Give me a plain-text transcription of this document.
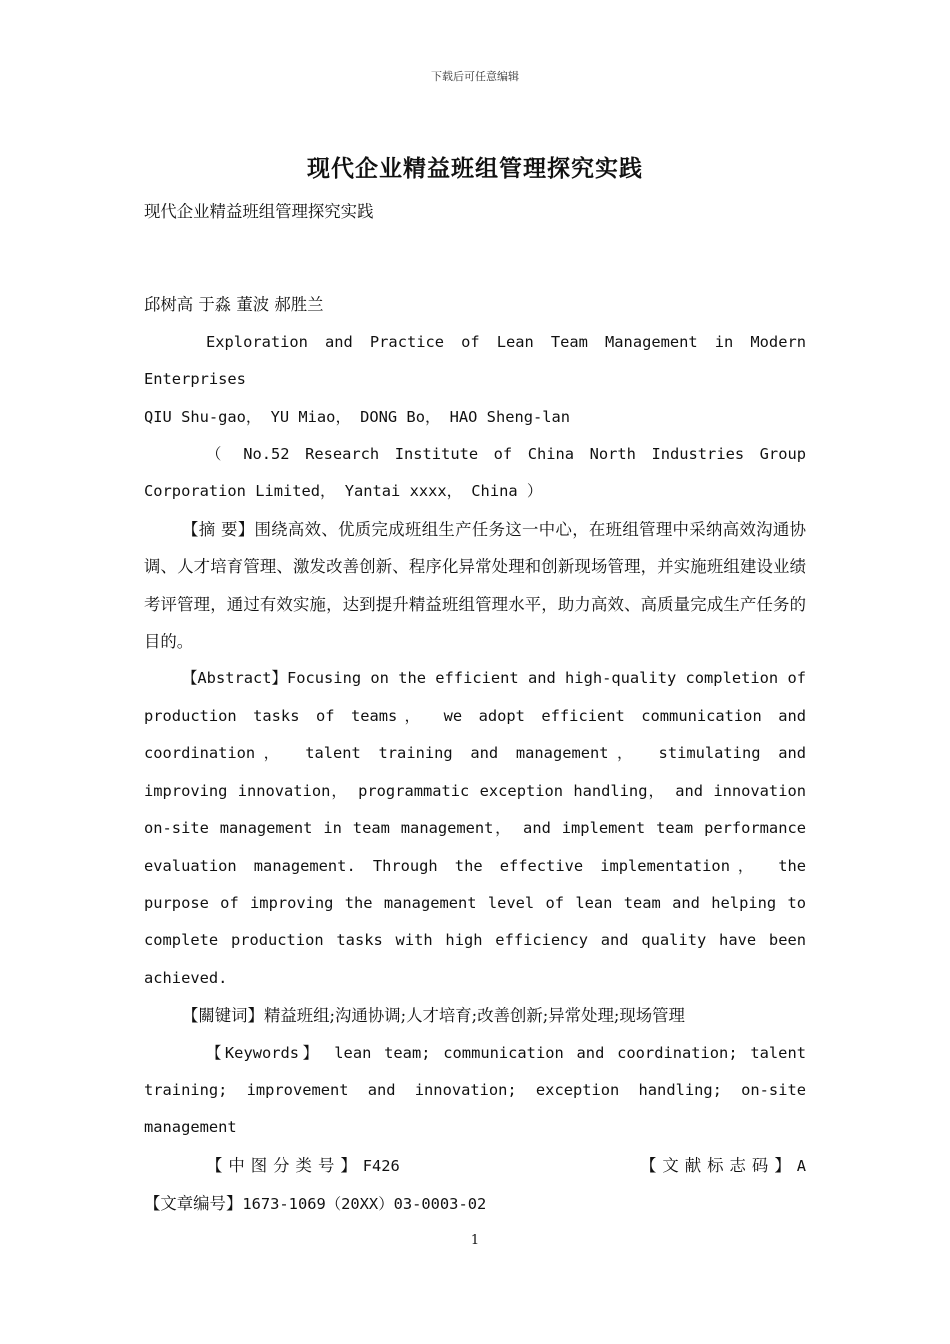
下载后可任意编辑
现代企业精益班组管理探究实践

现代企业精益班组管理探究实践

邱树高 于淼 董波 郝胜兰

Exploration and Practice of Lean Team Management in Modern Enterprises

QIU Shu-gao， YU Miao， DONG Bo， HAO Sheng-lan

（ No.52 Research Institute of China North Industries Group Corporation Limited， Yantai xxxx， China ）

【摘 要】围绕高效、优质完成班组生产任务这一中心，在班组管理中采纳高效沟通协调、人才培育管理、激发改善创新、程序化异常处理和创新现场管理，并实施班组建设业绩考评管理，通过有效实施，达到提升精益班组管理水平，助力高效、高质量完成生产任务的目的。

【Abstract】Focusing on the efficient and high-quality completion of production tasks of teams， we adopt efficient communication and coordination， talent training and management， stimulating and improving innovation， programmatic exception handling， and innovation on-site management in team management， and implement team performance evaluation management. Through the effective implementation， the purpose of improving the management level of lean team and helping to complete production tasks with high efficiency and quality have been achieved.

【關键词】精益班组;沟通协调;人才培育;改善创新;异常处理;现场管理

【Keywords】 lean team; communication and coordination; talent training; improvement and innovation; exception handling; on-site management

【中图分类号】F426	【文献标志码】A

【文章编号】1673-1069（20XX）03-0003-02

1
